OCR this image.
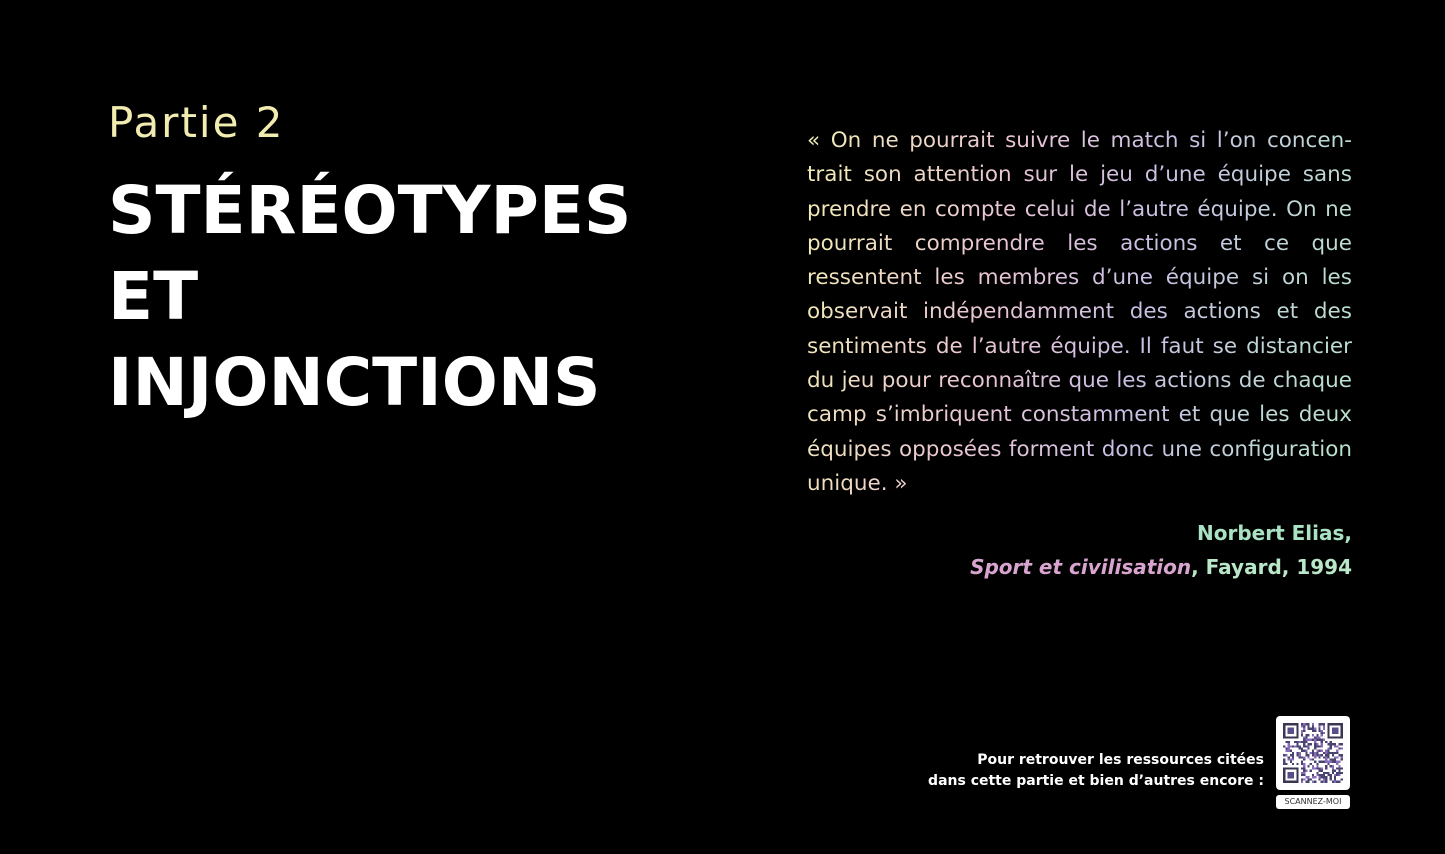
Partie 2

STÉRÉOTYPES
ET
INJONCTIONS

« On ne pourrait suivre le match si l’on concentrait son attention sur le jeu d’une équipe sans prendre en compte celui de l’autre équipe. On ne pourrait comprendre les actions et ce que ressentent les membres d’une équipe si on les observait indépendamment des actions et des sentiments de l’autre équipe. Il faut se distancier du jeu pour reconnaître que les actions de chaque camp s’imbriquent constamment et que les deux équipes opposées forment donc une configuration unique. »

Norbert Elias,
Sport et civilisation, Fayard, 1994

Pour retrouver les ressources citées
dans cette partie et bien d’autres encore :

SCANNEZ-MOI
